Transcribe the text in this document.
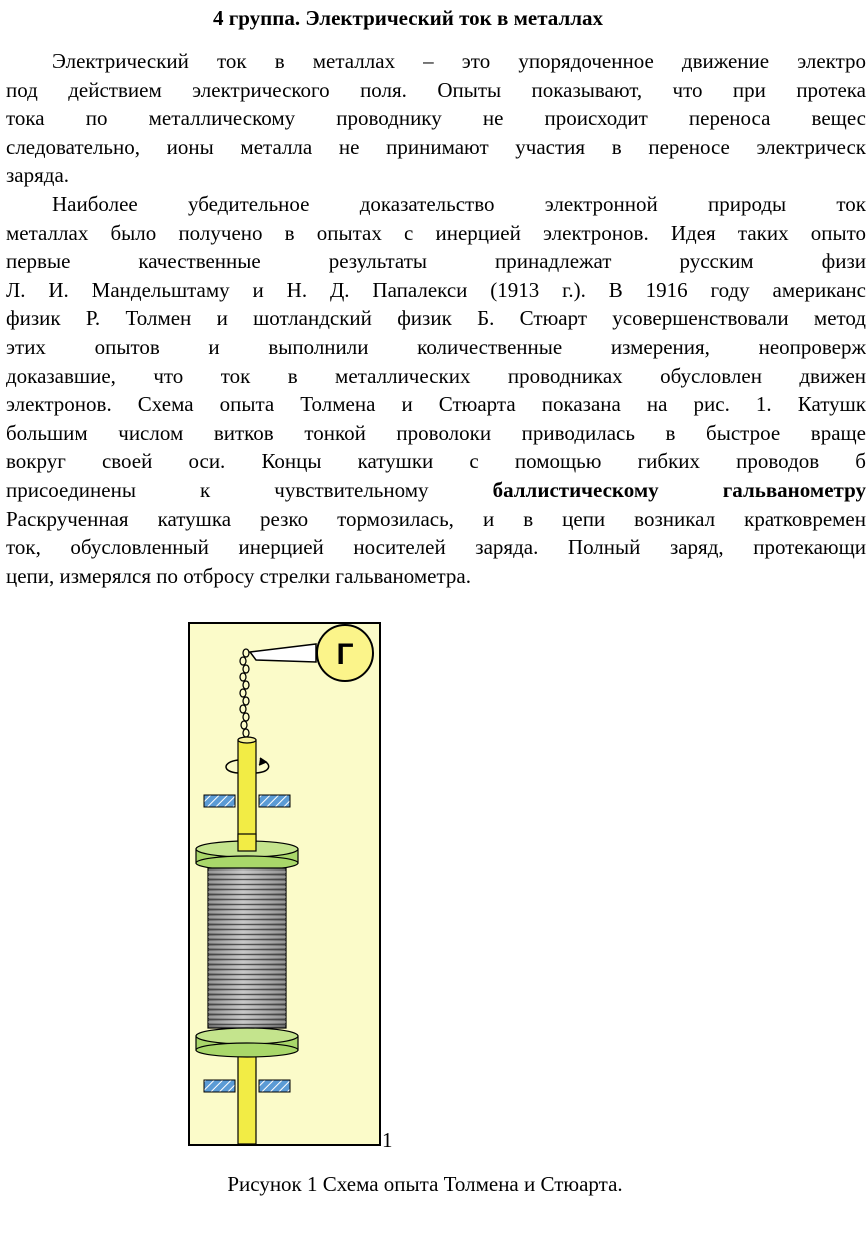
4 группа. Электрический ток в металлах
Электрический ток в металлах – это упорядоченное движение электро
под действием электрического поля. Опыты показывают, что при протека
тока по металлическому проводнику не происходит переноса вещес
следовательно, ионы металла не принимают участия в переносе электрическ
заряда.
Наиболее убедительное доказательство электронной природы ток
металлах было получено в опытах с инерцией электронов. Идея таких опыто
первые качественные результаты принадлежат русским физи
Л. И. Мандельштаму и Н. Д. Папалекси (1913 г.). В 1916 году американс
физик Р. Толмен и шотландский физик Б. Стюарт усовершенствовали метод
этих опытов и выполнили количественные измерения, неопроверж
доказавшие, что ток в металлических проводниках обусловлен движен
электронов. Схема опыта Толмена и Стюарта показана на рис. 1. Катушк
большим числом витков тонкой проволоки приводилась в быстрое враще
вокруг своей оси. Концы катушки с помощью гибких проводов б
присоединены к чувствительному	баллистическому гальванометру
Раскрученная катушка резко тормозилась, и в цепи возникал кратковремен
ток, обусловленный инерцией носителей заряда. Полный заряд, протекающи
цепи, измерялся по отбросу стрелки гальванометра.
Г
1
Рисунок 1 Схема опыта Толмена и Стюарта.
